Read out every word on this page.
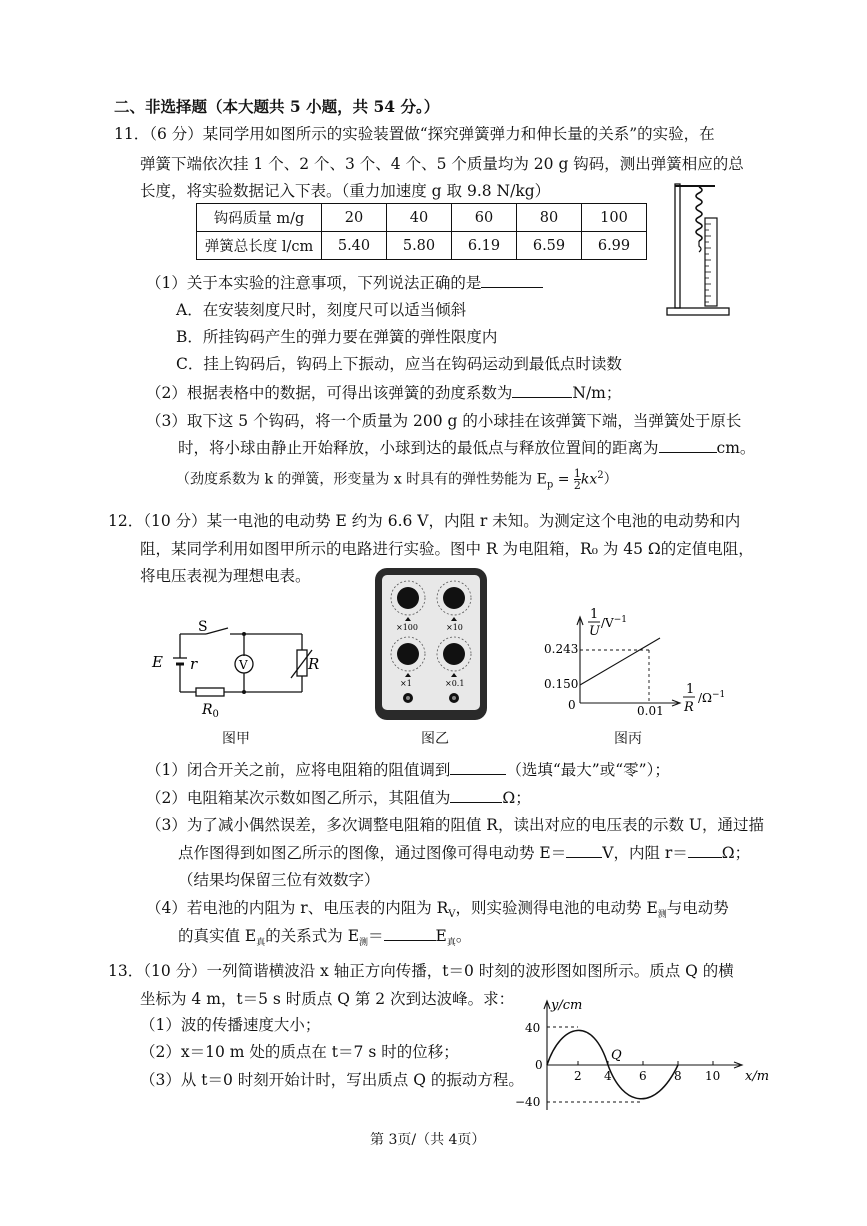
二、非选择题（本大题共 5 小题，共 54 分。）
11．（6 分）某同学用如图所示的实验装置做“探究弹簧弹力和伸长量的关系”的实验，在
弹簧下端依次挂 1 个、2 个、3 个、4 个、5 个质量均为 20 g 钩码，测出弹簧相应的总
长度，将实验数据记入下表。（重力加速度 g 取 9.8 N/kg）
钩码质量 m/g	20	40	60	80	100
弹簧总长度 l/cm	5.40	5.80	6.19	6.59	6.99
（1）关于本实验的注意事项，下列说法正确的是
A．在安装刻度尺时，刻度尺可以适当倾斜
B．所挂钩码产生的弹力要在弹簧的弹性限度内
C．挂上钩码后，钩码上下振动，应当在钩码运动到最低点时读数
（2）根据表格中的数据，可得出该弹簧的劲度系数为	N/m；
（3）取下这 5 个钩码，将一个质量为 200 g 的小球挂在该弹簧下端，当弹簧处于原长
时，将小球由静止开始释放，小球到达的最低点与释放位置间的距离为	cm。
（劲度系数为 k 的弹簧，形变量为 x 时具有的弹性势能为 $E_p = \frac{1}{2} kx^2$）
12．（10 分）某一电池的电动势 E 约为 6.6 V，内阻 r 未知。为测定这个电池的电动势和内
阻，某同学利用如图甲所示的电路进行实验。图中 R 为电阻箱，R₀ 为 45 Ω的定值电阻，
将电压表视为理想电表。
S
E r	V	R
$R_0$
图甲
×100	×10
×1	×0.1
图乙
1
U
$/V^{-1}$
0.243
0.150
0	0.01
1
R
$/\Omega^{-1}$
图丙
（1）闭合开关之前，应将电阻箱的阻值调到	（选填“最大”或“零”）；
（2）电阻箱某次示数如图乙所示，其阻值为	Ω；
（3）为了减小偶然误差，多次调整电阻箱的阻值 R，读出对应的电压表的示数 U，通过描
点作图得到如图乙所示的图像，通过图像可得电动势 E＝ V，内阻 r＝ Ω；
（结果均保留三位有效数字）
（4）若电池的内阻为 r、电压表的内阻为 $R_V$，则实验测得电池的电动势 $E_测$与电动势
的真实值 $E_真$的关系式为 $E_测=$	$E_真$。
13．（10 分）一列简谐横波沿 x 轴正方向传播，t＝0 时刻的波形图如图所示。质点 Q 的横
坐标为 4 m，t＝5 s 时质点 Q 第 2 次到达波峰。求：
（1）波的传播速度大小；
（2）x＝10 m 处的质点在 t＝7 s 时的位移；
（3）从 t＝0 时刻开始计时，写出质点 Q 的振动方程。
y/cm
x/m
40
−40
0
2 4 6 8 10
Q
第 3页/（共 4页）
